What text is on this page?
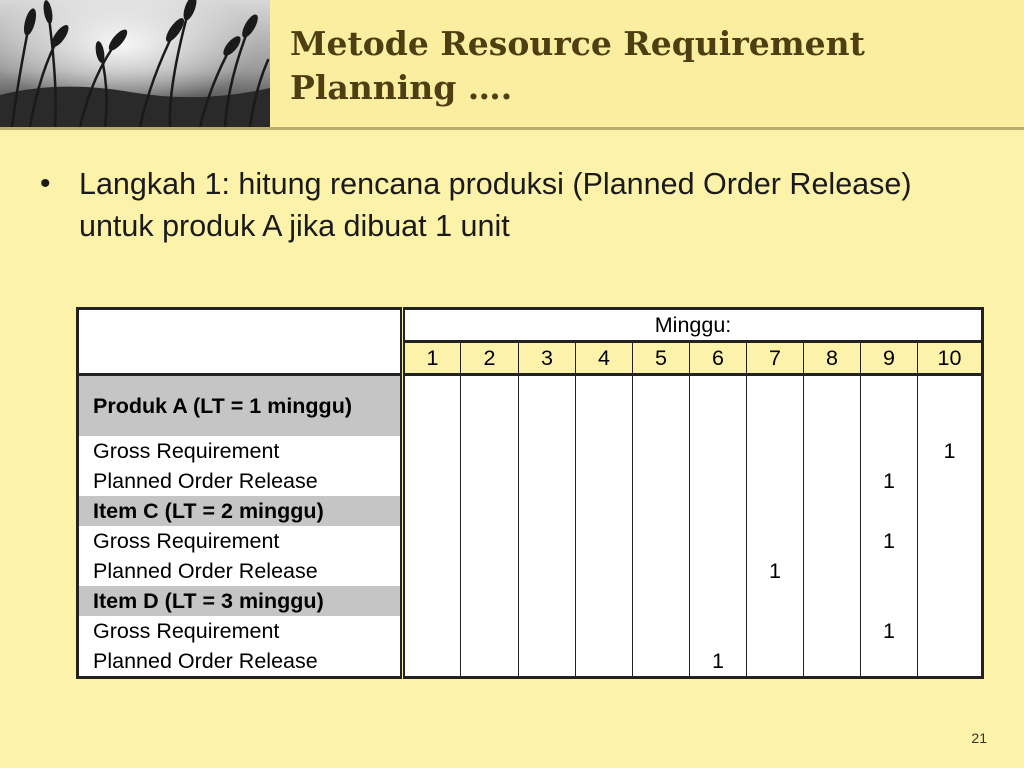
Metode Resource Requirement
Planning ….
• Langkah 1: hitung rencana produksi (Planned Order Release) untuk produk A jika dibuat 1 unit
	Minggu:									
	1	2	3	4	5	6	7	8	9	10
Produk A (LT = 1 minggu)										
Gross Requirement										1
Planned Order Release									1	
Item C (LT = 2 minggu)										
Gross Requirement									1	
Planned Order Release							1			
Item D (LT = 3 minggu)										
Gross Requirement									1	
Planned Order Release						1				
21
